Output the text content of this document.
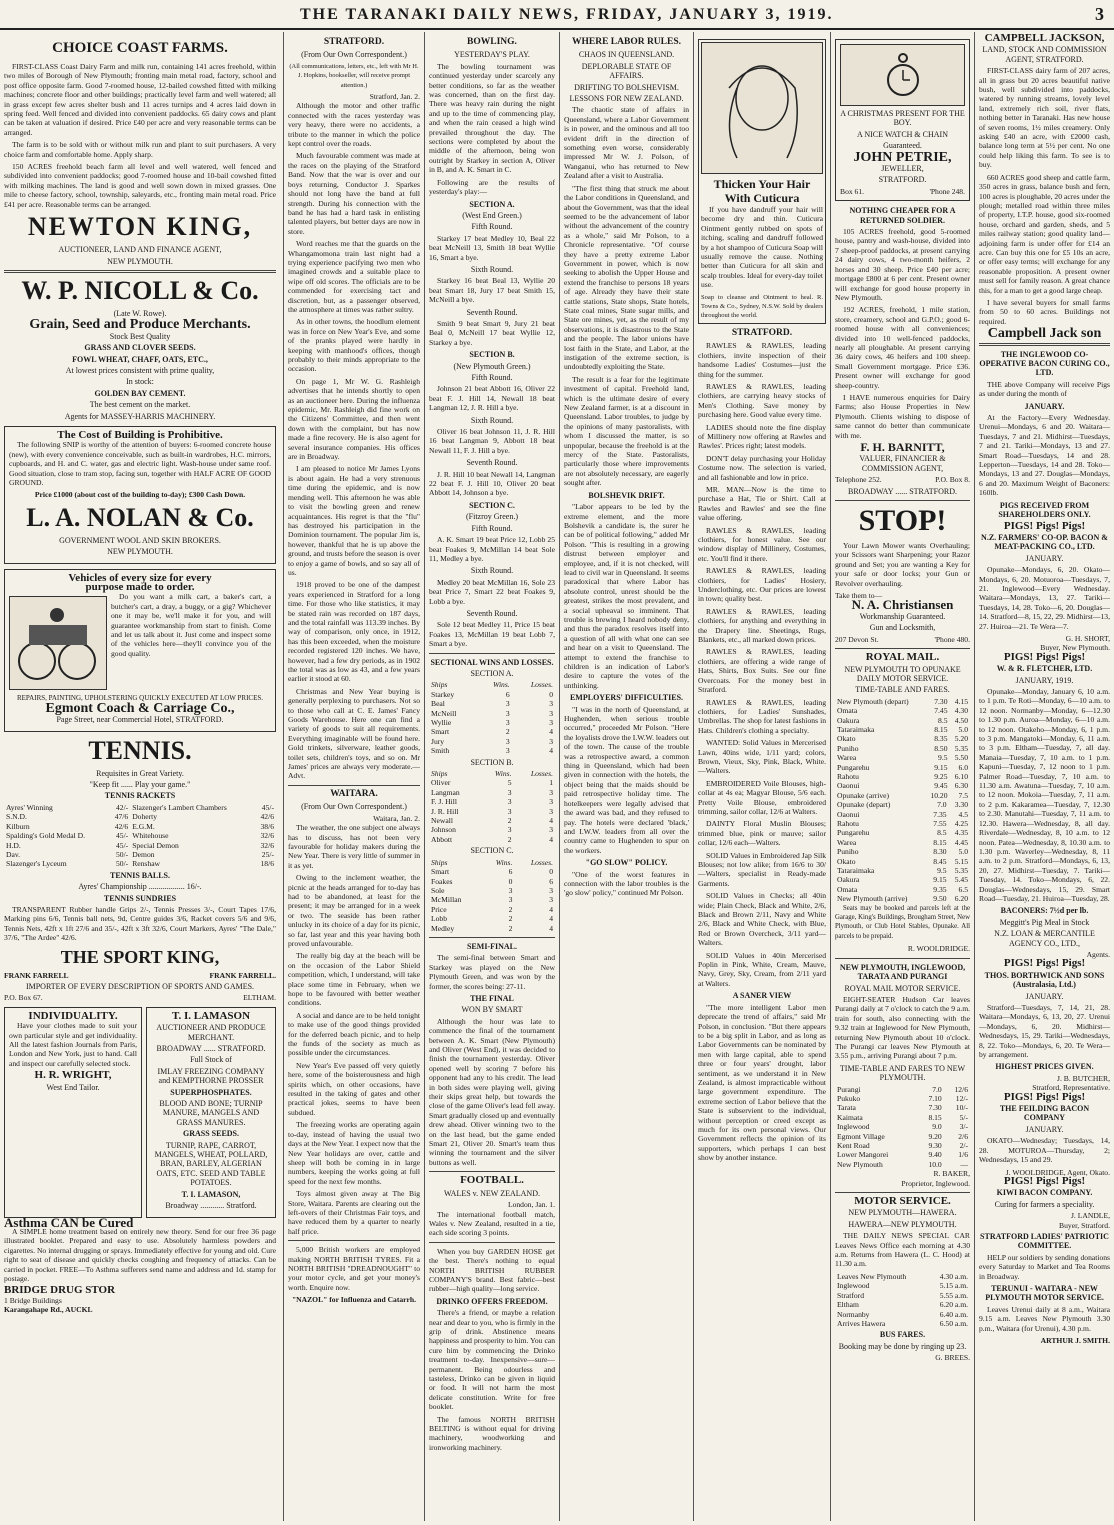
THE TARANAKI DAILY NEWS, FRIDAY, JANUARY 3, 1919.	3
CHOICE COAST FARMS.

FIRST-CLASS Coast Dairy Farm and milk run, containing 141 acres freehold, within two miles of Borough of New Plymouth; fronting main metal road, factory, school and post office opposite farm. Good 7-roomed house, 12-bailed cowshed fitted with milking machines; concrete floor and other buildings; practically level farm and well watered; all in grass except few acres shelter bush and 11 acres turnips and 4 acres laid down in spring feed. Well fenced and divided into convenient paddocks. 65 dairy cows and plant can be taken at valuation if desired. Price £40 per acre and very reasonable terms can be arranged.

The farm is to be sold with or without milk run and plant to suit purchasers. A very choice farm and comfortable home. Apply sharp.

150 ACRES freehold beach farm all level and well watered, well fenced and subdivided into convenient paddocks; good 7-roomed house and 10-bail cowshed fitted with milking machines. The land is good and well sown down in mixed grasses. One mile to cheese factory, school, township, saleyards, etc., fronting main metal road. Price £41 per acre. Reasonable terms can be arranged.

NEWTON KING,
AUCTIONEER, LAND AND FINANCE AGENT,
NEW PLYMOUTH.
W. P. NICOLL & Co.
(Late W. Rowe).
Grain, Seed and Produce Merchants.
Stock Best Quality
GRASS AND CLOVER SEEDS.
FOWL WHEAT, CHAFF, OATS, ETC.,
At lowest prices consistent with prime quality,
In stock:
GOLDEN BAY CEMENT.
The best cement on the market.
Agents for MASSEY-HARRIS MACHINERY.
The Cost of Building is Prohibitive.

The following SNIP is worthy of the attention of buyers: 6-roomed concrete house (new), with every convenience conceivable, such as built-in wardrobes, H.C. mirrors, cupboards, and H. and C. water, gas and electric light. Wash-house under same roof. Good situation, close to tram stop, facing sun, together with HALF ACRE OF GOOD GROUND.

Price £1000 (about cost of the building to-day); £300 Cash Down.
L. A. NOLAN & Co.
GOVERNMENT WOOL AND SKIN BROKERS.
NEW PLYMOUTH.
Vehicles of every size for every
purpose made to order.

Do you want a milk cart, a baker's cart, a butcher's cart, a dray, a buggy, or a gig? Whichever one it may be, we'll make it for you, and will guarantee workmanship from start to finish. Come and let us talk about it. Just come and inspect some of the vehicles here—they'll convince you of the good quality.

REPAIRS, PAINTING, UPHOLSTERING QUICKLY EXECUTED AT LOW PRICES.
Egmont Coach & Carriage Co.,
Page Street, near Commercial Hotel, STRATFORD.
TENNIS.
Requisites in Great Variety.
"Keep fit ...... Play your game."
TENNIS RACKETS
Ayres' Winning	42/-	Slazenger's Lambert Chambers	45/-
S.N.D.	47/6	Doherty	42/6
Kilburn	42/6	E.G.M.	38/6
Spalding's Gold Medal D.	45/-	Whitehouse	32/6
H.D.	45/-	Special Demon	32/6
Dav.	50/-	Demon	25/-
Slazenger's Lyceum	50/-	Renshaw	18/6
TENNIS BALLS.
Ayres' Championship .................. 16/-.
TENNIS SUNDRIES

TRANSPARENT Rubber handle Grips 2/-, Tennis Presses 3/-, Court Tapes 17/6, Marking pins 6/6, Tennis ball nets, 9d, Centre guides 3/6, Racket covers 5/6 and 9/6, Tennis Nets, 42ft x 1ft 27/6 and 35/-, 42ft x 3ft 32/6, Court Markers, Ayres' "The Dale," 37/6, "The Ardee" 42/6.

THE SPORT KING,
FRANK FARRELL	FRANK FARRELL.
IMPORTER OF EVERY DESCRIPTION OF SPORTS AND GAMES.
P.O. Box 67.	ELTHAM.
INDIVIDUALITY.

Have your clothes made to suit your own particular style and get individuality. All the latest fashion Journals from Paris, London and New York, just to hand. Call and inspect our carefully selected stock.

H. R. WRIGHT,
West End Tailor.
T. I. LAMASON
AUCTIONEER AND PRODUCE MERCHANT.
BROADWAY ...... STRATFORD.
Full Stock of
IMLAY FREEZING COMPANY and KEMPTHORNE PROSSER
SUPERPHOSPHATES.
BLOOD AND BONE; TURNIP MANURE, MANGELS AND GRASS MANURES.
GRASS SEEDS.
TURNIP, RAPE, CARROT, MANGELS, WHEAT, POLLARD, BRAN, BARLEY, ALGERIAN OATS, ETC. SEED AND TABLE POTATOES.
T. I. LAMASON,
Broadway ............ Stratford.
Asthma CAN be Cured

A SIMPLE home treatment based on entirely new theory. Send for our free 36 page illustrated booklet. Prepared and easy to use. Absolutely harmless powders and cigarettes. No internal drugging or sprays. Immediately effective for young and old. Cure right to seat of disease and quickly checks coughing and frequency of attacks. Can be carried in pocket. FREE—To Asthma sufferers send name and address and 1d. stamp for postage.

BRIDGE DRUG STOR
1 Bridge Buildings
Karangahape Rd., AUCKL
STRATFORD.
(From Our Own Correspondent.)
(All communications, letters, etc., left with Mr H. J. Hopkins, bookseller, will receive prompt attention.)
Stratford, Jan. 2.

Although the motor and other traffic connected with the races yesterday was very heavy, there were no accidents, a tribute to the manner in which the police kept control over the roads.

Much favourable comment was made at the races on the playing of the Stratford Band. Now that the war is over and our boys returning, Conductor J. Sparkes should not long have the band at full strength. During his connection with the band he has had a hard task in enlisting talented players, but better days are now in store.

Word reaches me that the guards on the Whangamomona train last night had a trying experience pacifying two men who imagined crowds and a suitable place to wipe off old scores. The officials are to be commended for exercising tact and discretion, but, as a passenger observed, the atmosphere at times was rather sultry.

As in other towns, the hoodlum element was in force on New Year's Eve, and some of the pranks played were hardly in keeping with manhood's offices, though probably to their minds appropriate to the occasion.

On page 1, Mr W. G. Rashleigh advertises that he intends shortly to open as an auctioneer here. During the influenza epidemic, Mr. Rashleigh did fine work on the Citizens' Committee, and then went down with the complaint, but has now made a fine recovery. He is also agent for several insurance companies. His offices are in Broadway.

I am pleased to notice Mr James Lyons is about again. He had a very strenuous time during the epidemic, and is now mending well. This afternoon he was able to visit the bowling green and renew acquaintances. His regret is that the "flu" has destroyed his participation in the Dominion tournament. The popular Jim is, however, thankful that he is up above the ground, and trusts before the season is over to enjoy a game of bowls, and so say all of us.

1918 proved to be one of the dampest years experienced in Stratford for a long time. For those who like statistics, it may be stated rain was recorded on 187 days, and the total rainfall was 113.39 inches. By way of comparison, only once, in 1912, has this been exceeded, when the moisture recorded registered 120 inches. We have, however, had a few dry periods, as in 1902 the total was as low as 43, and a few years earlier it stood at 60.

Christmas and New Year buying is generally perplexing to purchasers. Not so to those who call at C. E. James' Fancy Goods Warehouse. Here one can find a variety of goods to suit all requirements. Everything imaginable will be found here. Gold trinkets, silverware, leather goods, toilet sets, children's toys, and so on. Mr James' prices are always very moderate.—Advt.

WAITARA.
(From Our Own Correspondent.)
Waitara, Jan. 2.

The weather, the one subject one always has to discuss, has not been very favourable for holiday makers during the New Year. There is very little of summer in it as yet.

Owing to the inclement weather, the picnic at the heads arranged for to-day has had to be abandoned, at least for the present; it may be arranged for in a week or two. The seaside has been rather unlucky in its choice of a day for its picnic, so far, last year and this year having both proved unfavourable.

The really big day at the beach will be on the occasion of the Labor Shield competition, which, I understand, will take place some time in February, when we hope to be favoured with better weather conditions.

A social and dance are to be held tonight to make use of the good things provided for the deferred beach picnic, and to help the funds of the society as much as possible under the circumstances.

New Year's Eve passed off very quietly here, some of the boisterousness and high spirits which, on other occasions, have resulted in the taking of gates and other practical jokes, seems to have been subdued.

The freezing works are operating again to-day, instead of having the usual two days at the New Year. I expect now that the New Year holidays are over, cattle and sheep will both be coming in in large numbers, keeping the works going at full speed for the next few months.

Toys almost given away at The Big Store, Waitara. Parents are clearing out the left-overs of their Christmas Fair toys, and have reduced them by a quarter to nearly half price.

5,000 British workers are employed making NORTH BRITISH TYRES. Fit a NORTH BRITISH "DREADNOUGHT" to your motor cycle, and get your money's worth. Enquire now.

"NAZOL" for Influenza and Catarrh.
BOWLING.
YESTERDAY'S PLAY.

The bowling tournament was continued yesterday under scarcely any better conditions, so far as the weather was concerned, than on the first day. There was heavy rain during the night and up to the time of commencing play, and when the rain ceased a high wind prevailed throughout the day. The sections were completed by about the middle of the afternoon, being won outright by Starkey in section A, Oliver in B, and A. K. Smart in C.

Following are the results of yesterday's play:—

SECTION A.
(West End Green.)
Fifth Round.

Starkey 17 beat Medley 10, Beal 22 beat McNeill 13, Smith 18 beat Wyllie 16, Smart a bye.

Sixth Round.

Starkey 16 beat Beal 13, Wyllie 20 beat Smart 18, Jury 17 beat Smith 15, McNeill a bye.

Seventh Round.

Smith 9 beat Smart 9, Jury 21 beat Beal 0, McNeill 17 beat Wyllie 12, Starkey a bye.

SECTION B.
(New Plymouth Green.)
Fifth Round.

Johnson 21 beat Abbott 16, Oliver 22 beat F. J. Hill 14, Newall 18 beat Langman 12, J. R. Hill a bye.

Sixth Round.

Oliver 16 beat Johnson 11, J. R. Hill 16 beat Langman 9, Abbott 18 beat Newall 11, F. J. Hill a bye.

Seventh Round.

J. R. Hill 10 beat Newall 14, Langman 22 beat F. J. Hill 10, Oliver 20 beat Abbott 14, Johnson a bye.

SECTION C.
(Fitzroy Green.)
Fifth Round.

A. K. Smart 19 beat Price 12, Lobb 25 beat Foakes 9, McMillan 14 beat Sole 11, Medley a bye.

Sixth Round.

Medley 20 beat McMillan 16, Sole 23 beat Price 7, Smart 22 beat Foakes 9, Lobb a bye.

Seventh Round.

Sole 12 beat Medley 11, Price 15 beat Foakes 13, McMillan 19 beat Lobb 7, Smart a bye.

SECTIONAL WINS AND LOSSES.
SECTION A.
Ships	Wins.	Losses.
Starkey	6	0
Beal	3	3
McNeill	3	3
Wyllie	3	3
Smart	2	4
Jury	3	3
Smith	3	4
SECTION B.
Ships	Wins.	Losses.
Oliver	5	1
Langman	3	3
F. J. Hill	3	3
J. R. Hill	3	3
Newall	2	4
Johnson	3	3
Abbott	2	4
SECTION C.
Ships	Wins.	Losses.
Smart	6	0
Foakes	0	6
Sole	3	3
McMillan	3	3
Price	2	4
Lobb	2	4
Medley	2	4
SEMI-FINAL.

The semi-final between Smart and Starkey was played on the New Plymouth Green, and was won by the former, the scores being: 27-11.

THE FINAL
WON BY SMART

Although the hour was late to commence the final of the tournament between A. K. Smart (New Plymouth) and Oliver (West End), it was decided to finish the tournament yesterday. Oliver opened well by scoring 7 before his opponent had any to his credit. The lead in both sides were playing well, giving their skips great help, but towards the close of the game Oliver's lead fell away. Smart gradually closed up and eventually drew ahead. Oliver winning two to the on the last head, but the game ended Smart 21, Oliver 20. Smart's team thus winning the tournament and the silver buttons as well.

FOOTBALL.
WALES v. NEW ZEALAND.
London, Jan. 1.

The international football match, Wales v. New Zealand, resulted in a tie, each side scoring 3 points.

When you buy GARDEN HOSE get the best. There's nothing to equal NORTH BRITISH RUBBER COMPANY'S brand. Best fabric—best rubber—high quality—long service.

DRINKO OFFERS FREEDOM.

There's a friend, or maybe a relation near and dear to you, who is firmly in the grip of drink. Abstinence means happiness and prosperity to him. You can cure him by commencing the Drinko treatment to-day. Inexpensive—sure—permanent. Being odourless and tasteless, Drinko can be given in liquid or food. It will not harm the most delicate constitution. Write for free booklet.

The famous NORTH BRITISH BELTING is without equal for driving machinery, woodworking and ironworking machinery.

WHERE LABOR RULES.
CHAOS IN QUEENSLAND.
DEPLORABLE STATE OF AFFAIRS.
DRIFTING TO BOLSHEVISM.
LESSONS FOR NEW ZEALAND.

The chaotic state of affairs in Queensland, where a Labor Government is in power, and the ominous and all too evident drift in the direction of something even worse, considerably impressed Mr W. J. Polson, of Wanganui, who has returned to New Zealand after a visit to Australia.

"The first thing that struck me about the Labor conditions in Queensland, and about the Government, was that the ideal seemed to be the advancement of labor without the advancement of the country as a whole," said Mr Polson, to a Chronicle representative. "Of course they have a pretty extreme Labor Government in power, which is now seeking to abolish the Upper House and extend the franchise to persons 18 years of age. Already they have their state cattle stations, State shops, State hotels, State coal mines, State sugar mills, and State ore mines, yet, as the result of my observations, it is disastrous to the State and the people. The labor unions have lost faith in the State, and Labor, at the instigation of the extreme section, is undoubtedly exploiting the State.

The result is a fear for the legitimate investment of capital. Freehold land, which is the ultimate desire of every New Zealand farmer, is at a discount in Queensland. Labor troubles, to judge by the opinions of many pastoralists, with whom I discussed the matter, is so unpopular, because the freehold is at the mercy of the State. Pastoralists, particularly those where improvements are not absolutely necessary, are eagerly sought after.

BOLSHEVIK DRIFT.

"Labor appears to be led by the extreme element, and the more Bolshevik a candidate is, the surer he can be of political following," added Mr Polson. "This is resulting in a growing distrust between employer and employee, and, if it is not checked, will lead to civil war in Queensland. It seems paradoxical that where Labor has absolute control, unrest should be the greatest, strikes the most prevalent, and a social upheaval so imminent. That trouble is brewing I heard nobody deny, and thus the paradox resolves itself into a question of all with what one can see and hear on a visit to Queensland. The attempt to extend the franchise to children is an indication of Labor's desire to capture the votes of the unthinking.

EMPLOYERS' DIFFICULTIES.

"I was in the north of Queensland, at Hughenden, when serious trouble occurred," proceeded Mr Polson. "Here the loyalists drove the I.W.W. leaders out of the town. The cause of the trouble was a retrospective award, a common thing in Queensland, which had been given in connection with the hotels, the object being that the maids should be paid retrospective holiday time. The hotelkeepers were legally advised that the award was bad, and they refused to pay. The hotels were declared 'black,' and I.W.W. leaders from all over the country came to Hughenden to spur on the workers.

"GO SLOW" POLICY.

"One of the worst features in connection with the labor troubles is the 'go slow' policy," continued Mr Polson.

Thicken Your Hair With Cuticura

If you have dandruff your hair will become dry and thin. Cuticura Ointment gently rubbed on spots of itching, scaling and dandruff followed by a hot shampoo of Cuticura Soap will usually remove the cause. Nothing better than Cuticura for all skin and scalp troubles. Ideal for every-day toilet use.

Soap to cleanse and Ointment to heal. R. Towns & Co., Sydney, N.S.W. Sold by dealers throughout the world.
STRATFORD.

RAWLES & RAWLES, leading clothiers, invite inspection of their handsome Ladies' Costumes—just the thing for the summer.

RAWLES & RAWLES, leading clothiers, are carrying heavy stocks of Men's Clothing. Save money by purchasing here. Good value every time.

LADIES should note the fine display of Millinery now offering at Rawles and Rawles'. Prices right; latest models.

DON'T delay purchasing your Holiday Costume now. The selection is varied, and all fashionable and low in price.

MR. MAN—Now is the time to purchase a Hat, Tie or Shirt. Call at Rawles and Rawles' and see the fine value offering.

RAWLES & RAWLES, leading clothiers, for honest value. See our window display of Millinery, Costumes, etc. You'll find it there.

RAWLES & RAWLES, leading clothiers, for Ladies' Hosiery, Underclothing, etc. Our prices are lowest in town; quality best.

RAWLES & RAWLES, leading clothiers, for anything and everything in the Drapery line. Sheetings, Rugs, Blankets, etc., all marked down prices.

RAWLES & RAWLES, leading clothiers, are offering a wide range of Hats, Shirts, Box Suits. See our fine Overcoats. For the money best in Stratford.

RAWLES & RAWLES, leading clothiers, for Ladies' Sunshades, Umbrellas. The shop for latest fashions in Hats. Children's clothing a specialty.

WANTED: Solid Values in Mercerised Lawn, 40ins wide, 1/11 yard; colors, Brown, Vieux, Sky, Pink, Black, White. —Walters.

EMBROIDERED Voile Blouses, high-collar at 4s ea; Magyar Blouse, 5/6 each. Pretty Voile Blouse, embroidered trimming, sailor collar, 12/6 at Walters.

DAINTY Floral Muslin Blouses; trimmed blue, pink or mauve; sailor collar, 12/6 each—Walters.

SOLID Values in Embroidered Jap Silk Blouses; not low alike; from 16/6 to 30/—Walters, specialist in Ready-made Garments.

SOLID Values in Checks; all 40in wide; Plain Check, Black and White, 2/6, Black and Brown 2/11, Navy and White 2/6, Black and White Check, with Blue, Red or Brown Overcheck, 3/11 yard—Walters.

SOLID Values in 40in Mercerised Poplin in Pink, White, Cream, Mauve, Navy, Grey, Sky, Cream, from 2/11 yard at Walters.

A SANER VIEW

"The more intelligent Labor men deprecate the trend of affairs," said Mr Polson, in conclusion. "But there appears to be a big split in Labor, and as long as Labor Governments can be nominated by men with large capital, able to spend three or four years' drought, labor sentiment, as we understand it in New Zealand, is almost impracticable without large government expenditure. The extreme section of Labor believe that the State is subservient to the individual, without perception or creed except as much for its own personal views. Our Government reflects the opinion of its supporters, which perhaps I can best show by another instance.

A CHRISTMAS PRESENT FOR THE BOY.
A NICE WATCH & CHAIN
Guaranteed.
JOHN PETRIE,
JEWELLER,
STRATFORD.
Box 61.	'Phone 248.
NOTHING CHEAPER FOR A RETURNED SOLDIER.

105 ACRES freehold, good 5-roomed house, pantry and wash-house, divided into 7 sheep-proof paddocks, at present carrying 24 dairy cows, 4 two-month heifers, 2 horses and 30 sheep. Price £40 per acre; mortgage £800 at 6 per cent. Present owner will exchange for good house property in New Plymouth.

192 ACRES, freehold, 1 mile station, store, creamery, school and G.P.O.; good 6-roomed house with all conveniences; divided into 10 well-fenced paddocks, nearly all ploughable. At present carrying 36 dairy cows, 46 heifers and 100 sheep. Small Government mortgage. Price £36. Present owner will exchange for good sheep-country.

I HAVE numerous enquiries for Dairy Farms; also House Properties in New Plymouth. Clients wishing to dispose of same cannot do better than communicate with me.

F. H. BARNITT,
VALUER, FINANCIER & COMMISSION AGENT,
Telephone 252.	P.O. Box 8.
BROADWAY ...... STRATFORD.
STOP!

Your Lawn Mower wants Overhauling; your Scissors want Sharpening; your Razor ground and Set; you are wanting a Key for your safe or door locks; your Gun or Revolver overhauling.

Take them to—
N. A. Christiansen
Workmanship Guaranteed.
Gun and Locksmith,
207 Devon St.	'Phone 480.
ROYAL MAIL.
NEW PLYMOUTH TO OPUNAKE DAILY MOTOR SERVICE.
TIME-TABLE AND FARES.
New Plymouth (depart)	7.30	4.15
Omata	7.45	4.30
Oakura	8.5	4.50
Tataraimaka	8.15	5.0
Okato	8.35	5.20
Puniho	8.50	5.35
Warea	9.5	5.50
Pungarehu	9.15	6.0
Rahotu	9.25	6.10
Oaonui	9.45	6.30
Opunake (arrive)	10.20	7.5
Opunake (depart)	7.0	3.30
Oaonui	7.35	4.5
Rahotu	7.55	4.25
Pungarehu	8.5	4.35
Warea	8.15	4.45
Puniho	8.30	5.0
Okato	8.45	5.15
Tataraimaka	9.5	5.35
Oakura	9.15	5.45
Omata	9.35	6.5
New Plymouth (arrive)	9.50	6.20

Seats may be booked and parcels left at the Garage, King's Buildings, Brougham Street, New Plymouth, or Club Hotel Stables, Opunake. All parcels to be prepaid.

R. WOOLDRIDGE.
NEW PLYMOUTH, INGLEWOOD, TARATA AND PURANGI
ROYAL MAIL MOTOR SERVICE.

EIGHT-SEATER Hudson Car leaves Purangi daily at 7 o'clock to catch the 9 a.m. train for south, also connecting with the 9.32 train at Inglewood for New Plymouth, returning New Plymouth about 10 o'clock. The Purangi car leaves New Plymouth at 3.55 p.m., arriving Purangi about 7 p.m.

TIME-TABLE AND FARES TO NEW PLYMOUTH.
Purangi	7.0	12/6
Pukuko	7.10	12/-
Tarata	7.30	10/-
Kaimata	8.15	5/-
Inglewood	9.0	3/-
Egmont Village	9.20	2/6
Kent Road	9.30	2/-
Lower Mangorei	9.40	1/6
New Plymouth	10.0	—
R. BAKER,
Proprietor, Inglewood.
MOTOR SERVICE.
NEW PLYMOUTH—HAWERA.
HAWERA—NEW PLYMOUTH.

THE DAILY NEWS SPECIAL CAR Leaves News Office each morning at 4.30 a.m. Returns from Hawera (L. C. Hood) at 11.30 a.m.

Leaves New Plymouth	4.30 a.m.
Inglewood	5.15 a.m.
Stratford	5.55 a.m.
Eltham	6.20 a.m.
Normanby	6.40 a.m.
Arrives Hawera	6.50 a.m.
BUS FARES.
Booking may be done by ringing up 23.
G. BREES.
CAMPBELL JACKSON,
LAND, STOCK AND COMMISSION AGENT, STRATFORD.

FIRST-CLASS dairy farm of 207 acres, all in grass but 20 acres beautiful native bush, well subdivided into paddocks, watered by running streams, lovely level land, extremely rich soil, river flats, nothing better in Taranaki. Has new house of seven rooms, 1½ miles creamery. Only asking £40 an acre, with £2000 cash, balance long term at 5½ per cent. No one could help liking this farm. To see is to buy.

660 ACRES good sheep and cattle farm, 350 acres in grass, balance bush and fern, 100 acres is ploughable, 20 acres under the plough; metalled road within three miles of property, I.T.P. house, good six-roomed house, orchard and garden, sheds, and 5 miles railway station; good quality land—adjoining farm is under offer for £14 an acre. Can buy this one for £5 10s an acre, or offer easy terms; will exchange for any reasonable proposition. A present owner must sell for family reason. A great chance this, for a man to get a good large cheap.

I have several buyers for small farms from 50 to 60 acres. Buildings not required.

Campbell Jack son
THE INGLEWOOD CO-OPERATIVE BACON CURING CO., LTD.

THE above Company will receive Pigs as under during the month of

JANUARY.

At the Factory—Every Wednesday. Urenui—Mondays, 6 and 20. Waitara—Tuesdays, 7 and 21. Midhirst—Tuesdays, 7 and 21. Tariki—Mondays, 13 and 27. Smart Road—Tuesdays, 14 and 28. Lepperton—Tuesdays, 14 and 28. Toko—Mondays, 13 and 27. Douglas—Mondays, 6 and 20. Maximum Weight of Baconers: 160lb.

PIGS RECEIVED FROM SHAREHOLDERS ONLY.
PIGS! Pigs! Pigs!
N.Z. FARMERS' CO-OP. BACON & MEAT-PACKING CO., LTD.
JANUARY.

Opunake—Mondays, 6, 20. Okato—Mondays, 6, 20. Motuoroa—Tuesdays, 7, 21. Inglewood—Every Wednesday. Waitara—Mondays, 13, 27. Tariki—Tuesdays, 14, 28. Toko—6, 20. Douglas—14. Stratford—8, 15, 22, 29. Midhirst—13, 27. Huiroa—21. Te Wera—7.

G. H. SHORT,
Buyer, New Plymouth.
PIGS! Pigs! Pigs!
W. & R. FLETCHER, LTD.
JANUARY, 1919.

Opunake—Monday, January 6, 10 a.m. to 1 p.m. Te Roti—Monday, 6—10 a.m. to 12 noon. Normanby—Monday, 6—12.30 to 1.30 p.m. Auroa—Monday, 6—10 a.m. to 12 noon. Otakeho—Monday, 6, 1 p.m. to 3 p.m. Mangatoki—Monday, 6, 11 a.m. to 3 p.m. Eltham—Tuesday, 7, all day. Manaia—Tuesday, 7, 10 a.m. to 1 p.m. Kapuni—Tuesday, 7, 12 noon to 1 p.m. Palmer Road—Tuesday, 7, 10 a.m. to 11.30 a.m. Awatuna—Tuesday, 7, 10 a.m. to 12 noon. Mokoia—Tuesday, 7, 11 a.m. to 2 p.m. Kakaramea—Tuesday, 7, 12.30 to 2.30. Manutahi—Tuesday, 7, 11 a.m. to 12.30. Hawera—Wednesday, 8, all day. Riverdale—Wednesday, 8, 10 a.m. to 12 noon. Patea—Wednesday, 8, 10.30 a.m. to 1.30 p.m. Waverley—Wednesday, 8, 11 a.m. to 2 p.m. Stratford—Mondays, 6, 13, 20, 27. Midhirst—Tuesday, 7. Tariki—Tuesday, 14. Toko—Mondays, 6, 22. Douglas—Wednesdays, 15, 29. Smart Road—Tuesday, 21. Huiroa—Tuesday, 28.

BACONERS: 7½d per lb.
Meggitt's Pig Meal in Stock
N.Z. LOAN & MERCANTILE AGENCY CO., LTD.,
Agents.
PIGS! Pigs! Pigs!
THOS. BORTHWICK AND SONS (Australasia, Ltd.)
JANUARY.

Stratford—Tuesdays, 7, 14, 21, 28. Waitara—Mondays, 6, 13, 20, 27. Urenui—Mondays, 6, 20. Midhirst—Wednesdays, 15, 29. Tariki—Wednesdays, 8, 22. Toko—Mondays, 6, 20. Te Wera—by arrangement.

HIGHEST PRICES GIVEN.
J. B. BUTCHER,
Stratford, Representative.
PIGS! Pigs! Pigs!
THE FEILDING BACON COMPANY
JANUARY.

OKATO—Wednesday; Tuesdays, 14, 28. MOTUROA—Thursday, 2; Wednesdays, 15 and 29.

J. WOOLDRIDGE, Agent, Okato.
PIGS! Pigs! Pigs!
KIWI BACON COMPANY.
Curing for farmers a speciality.
J. LANDLE,
Buyer, Stratford.
STRATFORD LADIES' PATRIOTIC COMMITTEE.

HELP our soldiers by sending donations every Saturday to Market and Tea Rooms in Broadway.

TERUNUI - WAITARA - NEW PLYMOUTH MOTOR SERVICE.

Leaves Urenui daily at 8 a.m., Waitara 9.15 a.m. Leaves New Plymouth 3.30 p.m., Waitara (for Urenui), 4.30 p.m.

ARTHUR J. SMITH.
